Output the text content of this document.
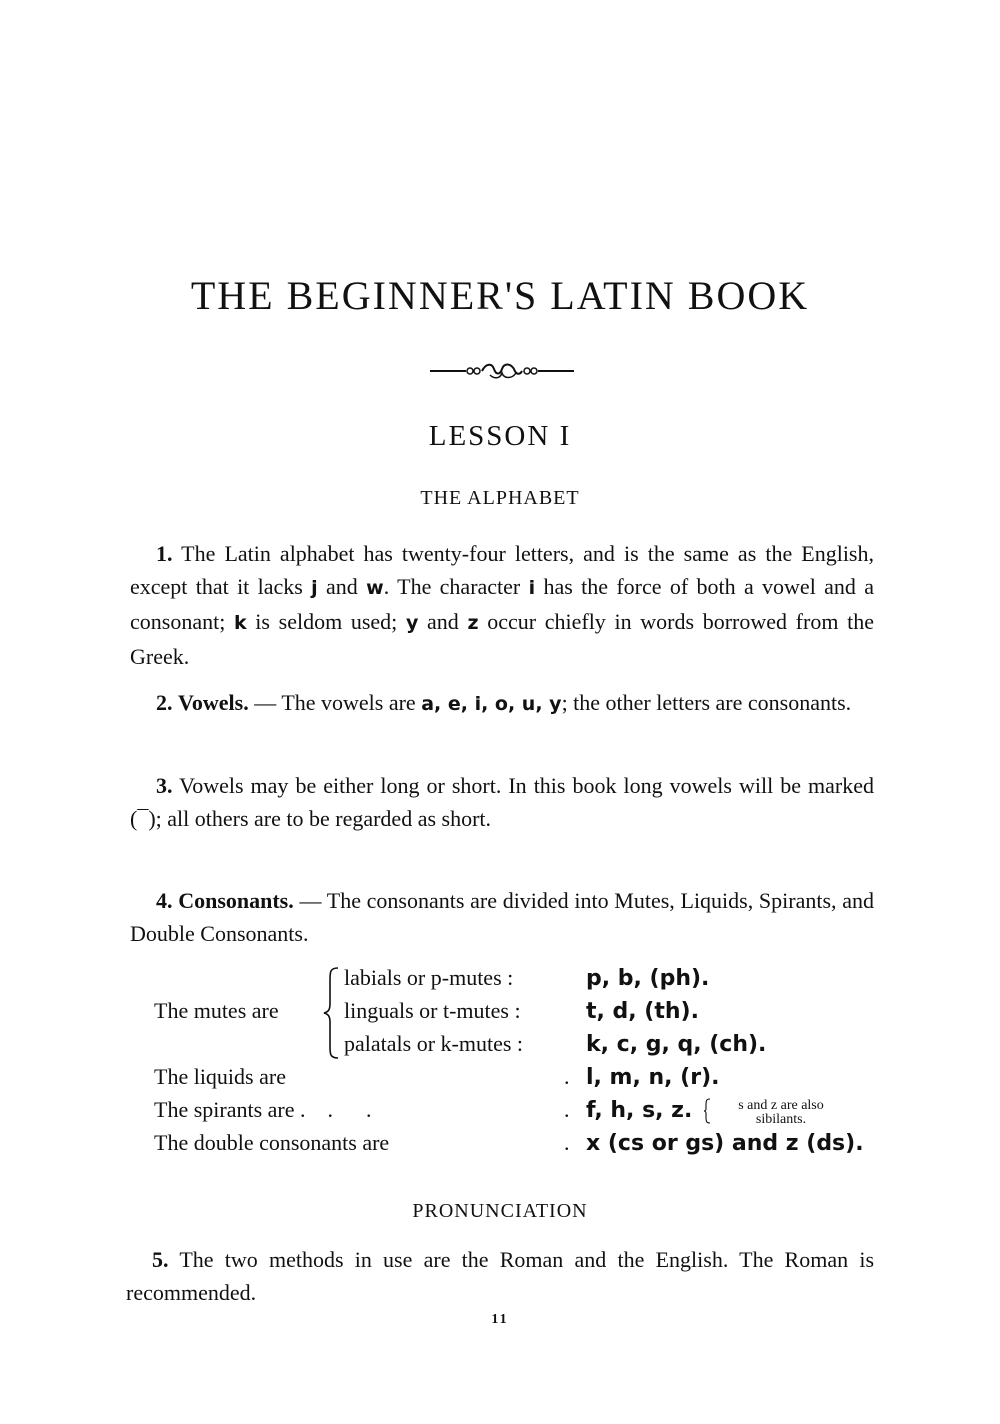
THE BEGINNER'S LATIN BOOK
LESSON I
THE ALPHABET

1. The Latin alphabet has twenty-four letters, and is the same as the English, except that it lacks j and w. The character i has the force of both a vowel and a consonant; k is seldom used; y and z occur chiefly in words borrowed from the Greek.

2. Vowels. — The vowels are a, e, i, o, u, y; the other letters are consonants.

3. Vowels may be either long or short. In this book long vowels will be marked (¯); all others are to be regarded as short.

4. Consonants. — The consonants are divided into Mutes, Liquids, Spirants, and Double Consonants.

The mutes are
labials or p-mutes :	p, b, (ph).
linguals or t-mutes :	t, d, (th).
palatals or k-mutes :	k, c, g, q, (ch).
The liquids are	. l, m, n, (r).
The spirants are .    .      .	. f, h, s, z.	s and z are also
sibilants.
The double consonants are	. x (cs or gs) and z (ds).
PRONUNCIATION

5. The two methods in use are the Roman and the English. The Roman is recommended.

11
